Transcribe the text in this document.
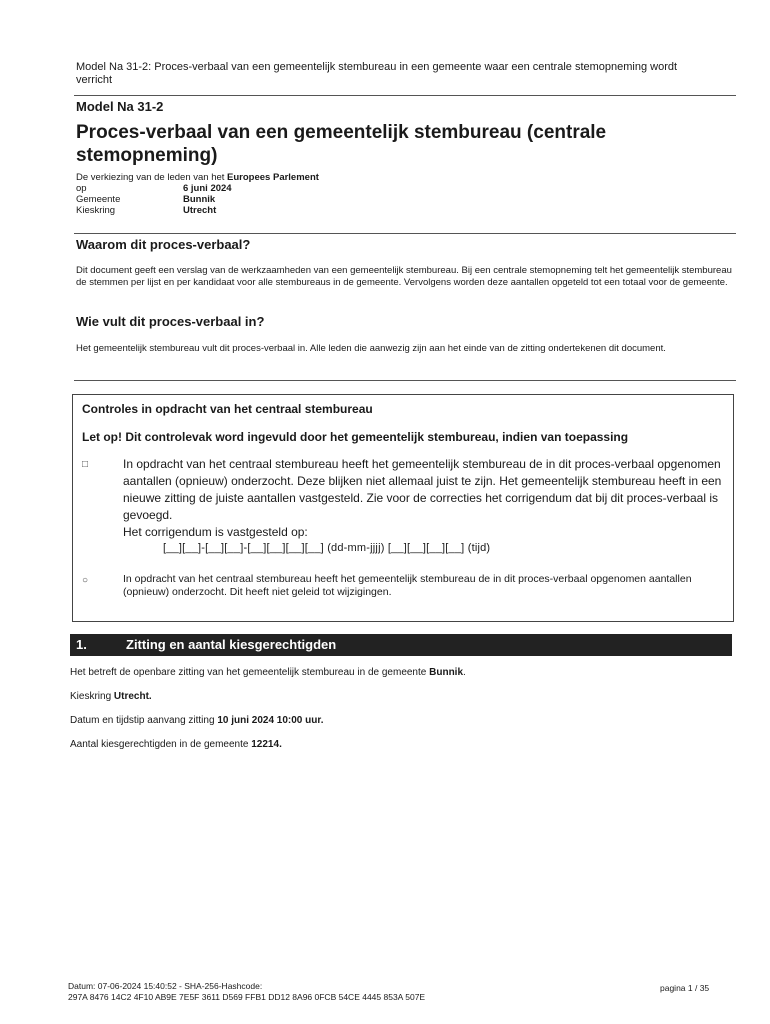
Model Na 31-2: Proces-verbaal van een gemeentelijk stembureau in een gemeente waar een centrale stemopneming wordt verricht
Model Na 31-2
Proces-verbaal van een gemeentelijk stembureau (centrale stemopneming)
De verkiezing van de leden van het Europees Parlement
op	6 juni 2024
Gemeente	Bunnik
Kieskring	Utrecht
Waarom dit proces-verbaal?
Dit document geeft een verslag van de werkzaamheden van een gemeentelijk stembureau. Bij een centrale stemopneming telt het gemeentelijk stembureau de stemmen per lijst en per kandidaat voor alle stembureaus in de gemeente. Vervolgens worden deze aantallen opgeteld tot een totaal voor de gemeente.
Wie vult dit proces-verbaal in?
Het gemeentelijk stembureau vult dit proces-verbaal in. Alle leden die aanwezig zijn aan het einde van de zitting ondertekenen dit document.
Controles in opdracht van het centraal stembureau
Let op! Dit controlevak word ingevuld door het gemeentelijk stembureau, indien van toepassing
□	In opdracht van het centraal stembureau heeft het gemeentelijk stembureau de in dit proces-verbaal opgenomen aantallen (opnieuw) onderzocht. Deze blijken niet allemaal juist te zijn. Het gemeentelijk stembureau heeft in een nieuwe zitting de juiste aantallen vastgesteld. Zie voor de correcties het corrigendum dat bij dit proces-verbaal is gevoegd.
Het corrigendum is vastgesteld op:
[__][__]-[__][__]-[__][__][__][__] (dd-mm-jjjj) [__][__][__][__] (tijd)
○	In opdracht van het centraal stembureau heeft het gemeentelijk stembureau de in dit proces-verbaal opgenomen aantallen (opnieuw) onderzocht. Dit heeft niet geleid tot wijzigingen.
1.	Zitting en aantal kiesgerechtigden
Het betreft de openbare zitting van het gemeentelijk stembureau in de gemeente Bunnik.
Kieskring Utrecht.
Datum en tijdstip aanvang zitting 10 juni 2024 10:00 uur.
Aantal kiesgerechtigden in de gemeente 12214.
Datum: 07-06-2024 15:40:52 - SHA-256-Hashcode:
297A 8476 14C2 4F10 AB9E 7E5F 3611 D569 FFB1 DD12 8A96 0FCB 54CE 4445 853A 507E
pagina 1 / 35
